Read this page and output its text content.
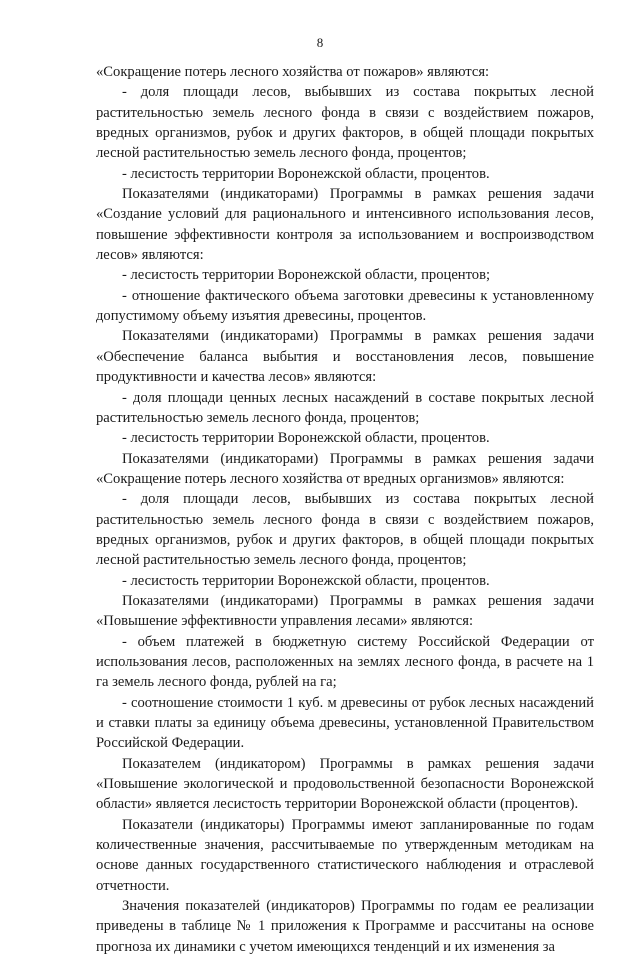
8

«Сокращение потерь лесного хозяйства от пожаров» являются:

- доля площади лесов, выбывших из состава покрытых лесной растительностью земель лесного фонда в связи с воздействием пожаров, вредных организмов, рубок и других факторов, в общей площади покрытых лесной растительностью земель лесного фонда, процентов;

- лесистость территории Воронежской области, процентов.

Показателями (индикаторами) Программы в рамках решения задачи «Создание условий для рационального и интенсивного использования лесов, повышение эффективности контроля за использованием и воспроизводством лесов» являются:

- лесистость территории Воронежской области, процентов;

- отношение фактического объема заготовки древесины к установленному допустимому объему изъятия древесины, процентов.

Показателями (индикаторами) Программы в рамках решения задачи «Обеспечение баланса выбытия и восстановления лесов, повышение продуктивности и качества лесов» являются:

- доля площади ценных лесных насаждений в составе покрытых лесной растительностью земель лесного фонда, процентов;

- лесистость территории Воронежской области, процентов.

Показателями (индикаторами) Программы в рамках решения задачи «Сокращение потерь лесного хозяйства от вредных организмов» являются:

- доля площади лесов, выбывших из состава покрытых лесной растительностью земель лесного фонда в связи с воздействием пожаров, вредных организмов, рубок и других факторов, в общей площади покрытых лесной растительностью земель лесного фонда, процентов;

- лесистость территории Воронежской области, процентов.

Показателями (индикаторами) Программы в рамках решения задачи «Повышение эффективности управления лесами» являются:

- объем платежей в бюджетную систему Российской Федерации от использования лесов, расположенных на землях лесного фонда, в расчете на 1 га земель лесного фонда, рублей на га;

- соотношение стоимости 1 куб. м древесины от рубок лесных насаждений и ставки платы за единицу объема древесины, установленной Правительством Российской Федерации.

Показателем (индикатором) Программы в рамках решения задачи «Повышение экологической и продовольственной безопасности Воронежской области» является лесистость территории Воронежской области (процентов).

Показатели (индикаторы) Программы имеют запланированные по годам количественные значения, рассчитываемые по утвержденным методикам на основе данных государственного статистического наблюдения и отраслевой отчетности.

Значения показателей (индикаторов) Программы по годам ее реализации приведены в таблице № 1 приложения к Программе и рассчитаны на основе прогноза их динамики с учетом имеющихся тенденций и их изменения за
